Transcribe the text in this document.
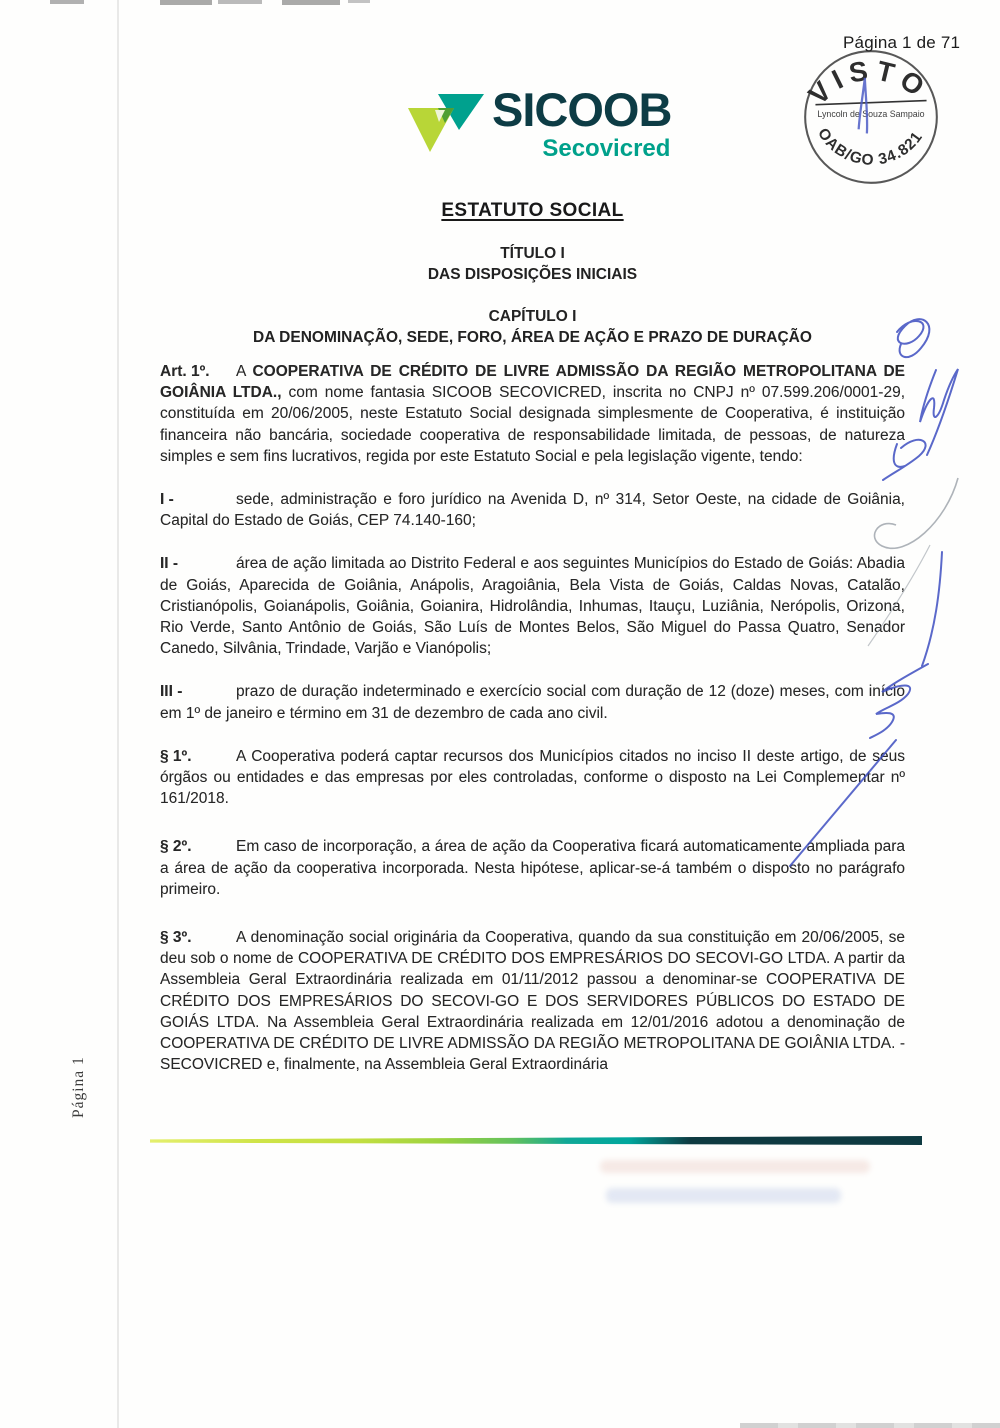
Página 1 de 71
VISTO
Lyncoln de Souza Sampaio
OAB/GO 34.821
SICOOB
Secovicred
ESTATUTO SOCIAL
TÍTULO I
DAS DISPOSIÇÕES INICIAIS
CAPÍTULO I
DA DENOMINAÇÃO, SEDE, FORO, ÁREA DE AÇÃO E PRAZO DE DURAÇÃO

Art. 1º. A COOPERATIVA DE CRÉDITO DE LIVRE ADMISSÃO DA REGIÃO METROPOLITANA DE GOIÂNIA LTDA., com nome fantasia SICOOB SECOVICRED, inscrita no CNPJ nº 07.599.206/0001-29, constituída em 20/06/2005, neste Estatuto Social designada simplesmente de Cooperativa, é instituição financeira não bancária, sociedade cooperativa de responsabilidade limitada, de pessoas, de natureza simples e sem fins lucrativos, regida por este Estatuto Social e pela legislação vigente, tendo:

I -	sede, administração e foro jurídico na Avenida D, nº 314, Setor Oeste, na cidade de Goiânia, Capital do Estado de Goiás, CEP 74.140-160;

II -	área de ação limitada ao Distrito Federal e aos seguintes Municípios do Estado de Goiás: Abadia de Goiás, Aparecida de Goiânia, Anápolis, Aragoiânia, Bela Vista de Goiás, Caldas Novas, Catalão, Cristianópolis, Goianápolis, Goiânia, Goianira, Hidrolândia, Inhumas, Itauçu, Luziânia, Nerópolis, Orizona, Rio Verde, Santo Antônio de Goiás, São Luís de Montes Belos, São Miguel do Passa Quatro, Senador Canedo, Silvânia, Trindade, Varjão e Vianópolis;

III -	prazo de duração indeterminado e exercício social com duração de 12 (doze) meses, com início em 1º de janeiro e término em 31 de dezembro de cada ano civil.

§ 1º.	A Cooperativa poderá captar recursos dos Municípios citados no inciso II deste artigo, de seus órgãos ou entidades e das empresas por eles controladas, conforme o disposto na Lei Complementar nº 161/2018.

§ 2º.	Em caso de incorporação, a área de ação da Cooperativa ficará automaticamente ampliada para a área de ação da cooperativa incorporada. Nesta hipótese, aplicar-se-á também o disposto no parágrafo primeiro.

§ 3º.	A denominação social originária da Cooperativa, quando da sua constituição em 20/06/2005, se deu sob o nome de COOPERATIVA DE CRÉDITO DOS EMPRESÁRIOS DO SECOVI-GO LTDA. A partir da Assembleia Geral Extraordinária realizada em 01/11/2012 passou a denominar-se COOPERATIVA DE CRÉDITO DOS EMPRESÁRIOS DO SECOVI-GO E DOS SERVIDORES PÚBLICOS DO ESTADO DE GOIÁS LTDA. Na Assembleia Geral Extraordinária realizada em 12/01/2016 adotou a denominação de COOPERATIVA DE CRÉDITO DE LIVRE ADMISSÃO DA REGIÃO METROPOLITANA DE GOIÂNIA LTDA. - SECOVICRED e, finalmente, na Assembleia Geral Extraordinária

Página 1
